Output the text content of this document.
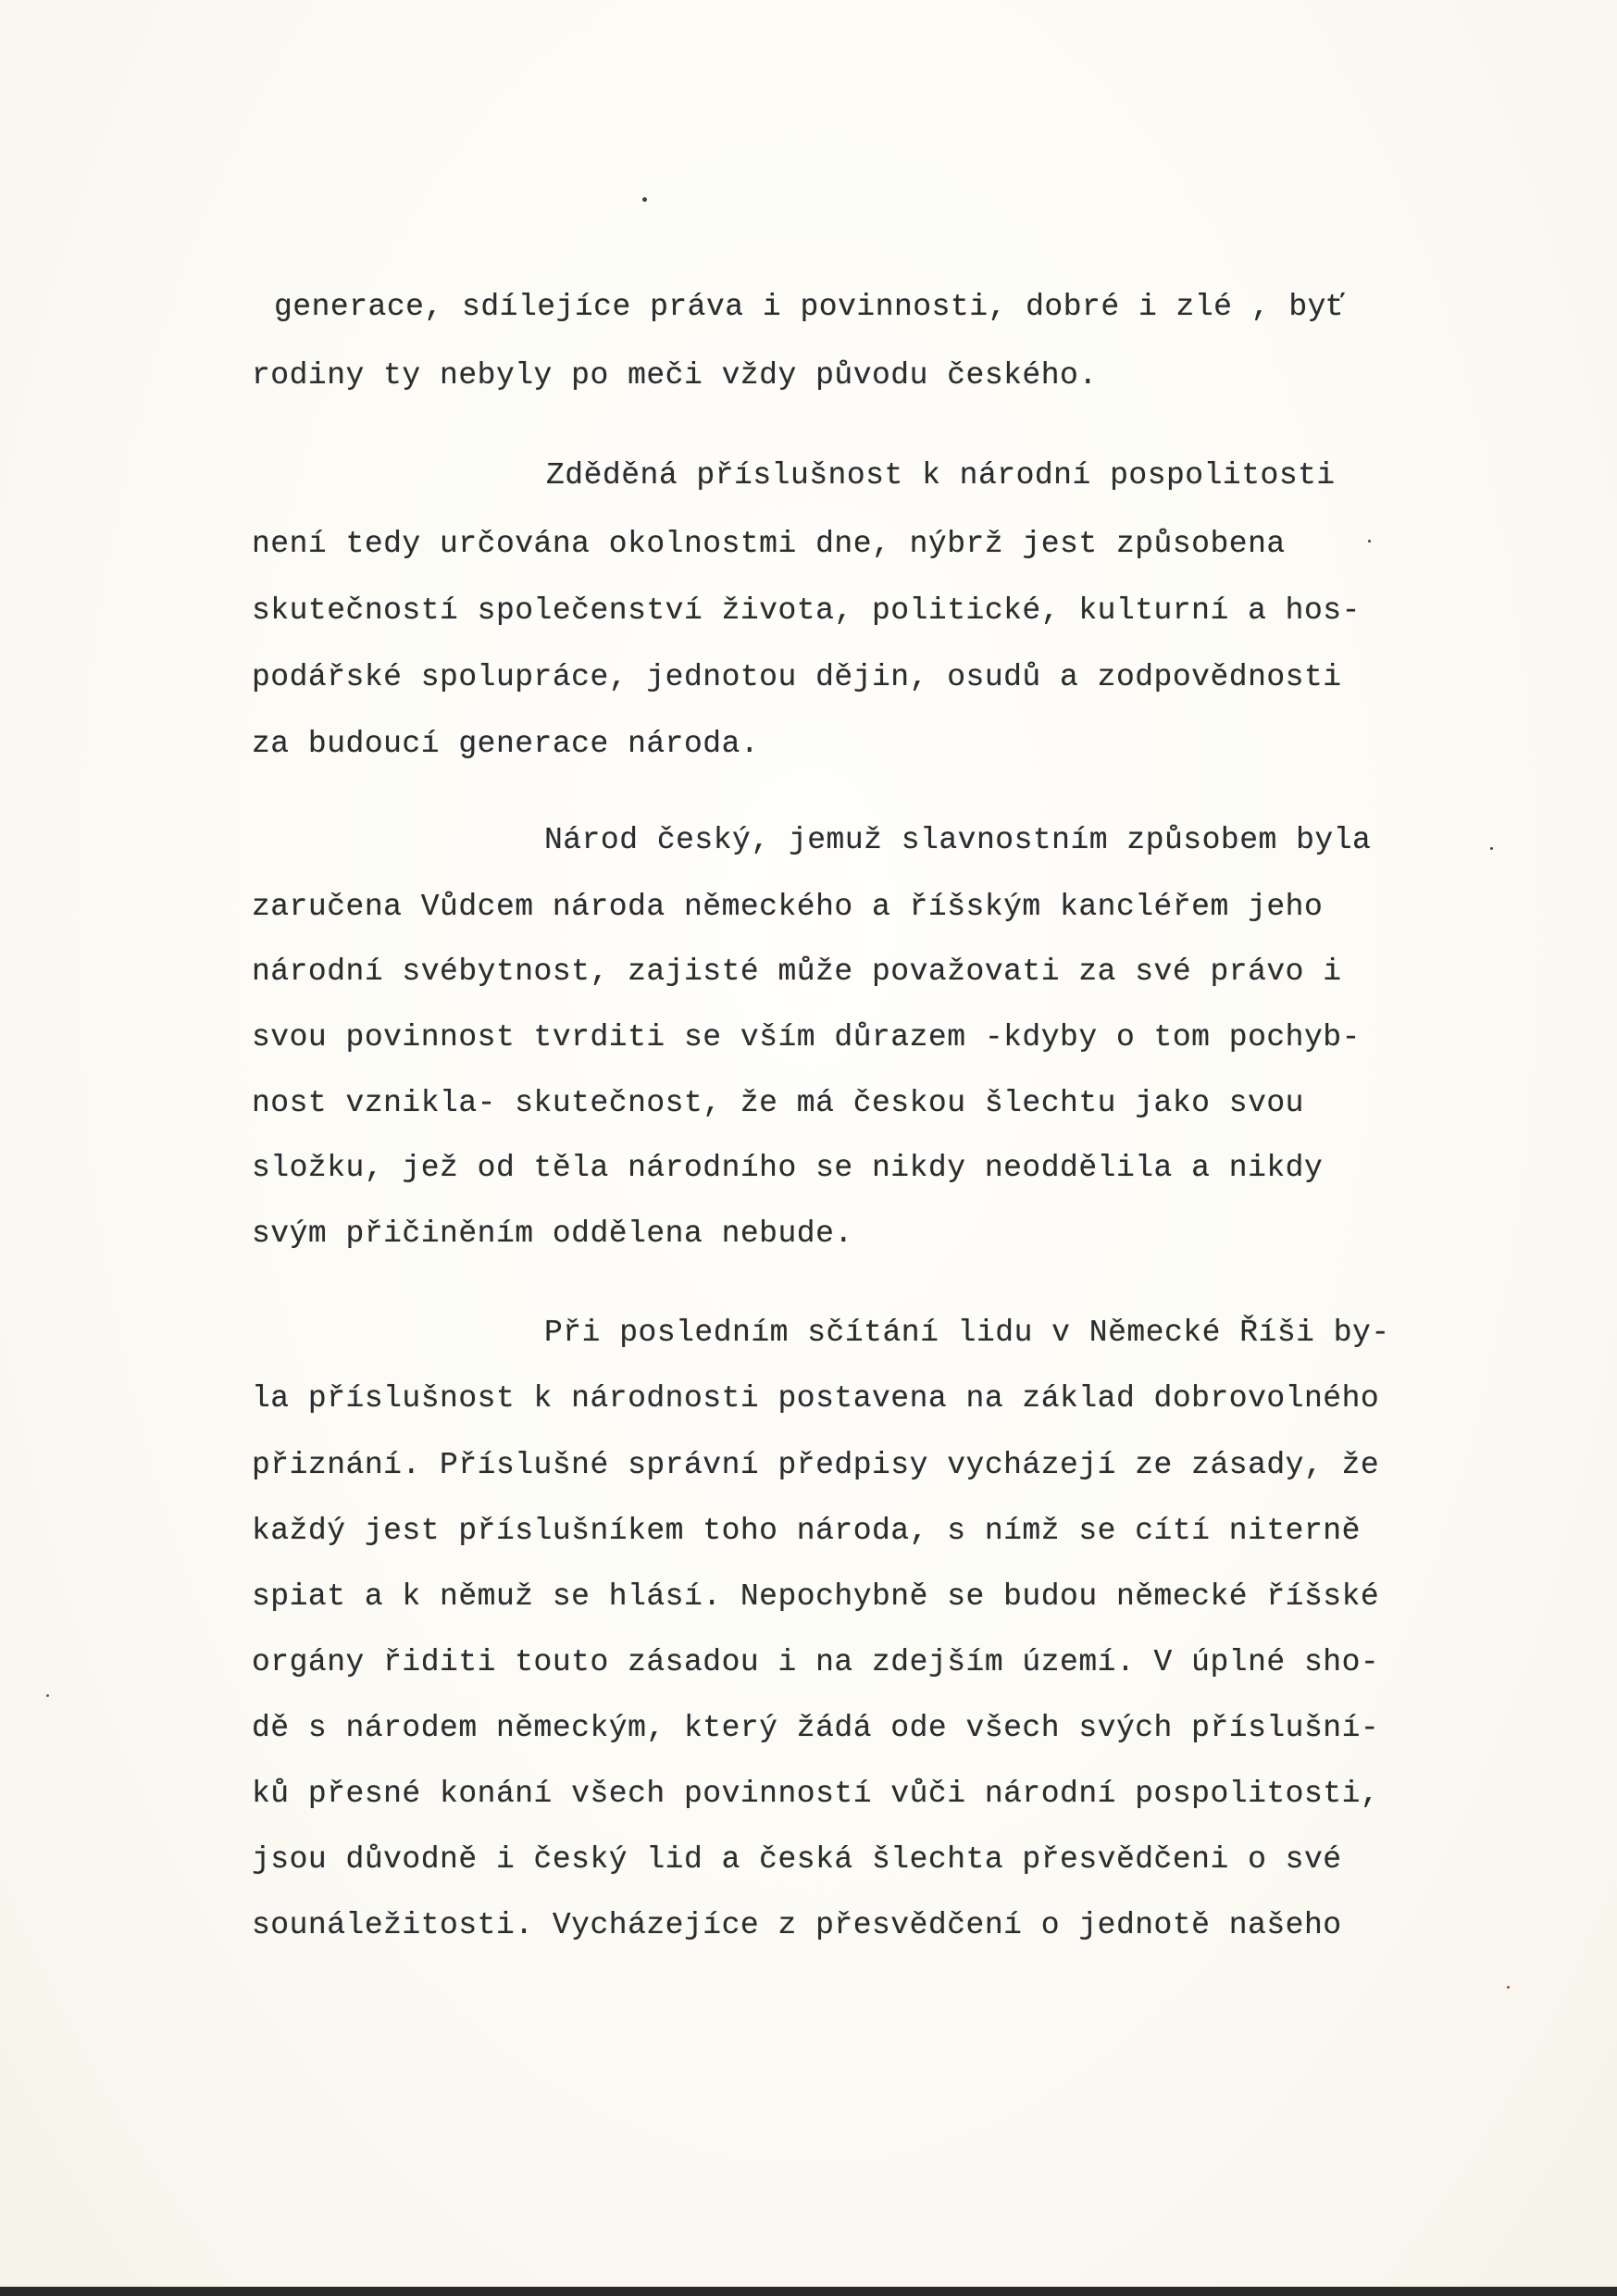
generace, sdílejíce práva i povinnosti, dobré i zlé , byť
rodiny ty nebyly po meči vždy původu českého.
Zděděná příslušnost k národní pospolitosti
není tedy určována okolnostmi dne, nýbrž jest způsobena
skutečností společenství života, politické, kulturní a hos-
podářské spolupráce, jednotou dějin, osudů a zodpovědnosti
za budoucí generace národa.
Národ český, jemuž slavnostním způsobem byla
zaručena Vůdcem národa německého a říšským kancléřem jeho
národní svébytnost, zajisté může považovati za své právo i
svou povinnost tvrditi se vším důrazem -kdyby o tom pochyb-
nost vznikla- skutečnost, že má českou šlechtu jako svou
složku, jež od těla národního se nikdy neoddělila a nikdy
svým přičiněním oddělena nebude.
Při posledním sčítání lidu v Německé Říši by-
la příslušnost k národnosti postavena na základ dobrovolného
přiznání. Příslušné správní předpisy vycházejí ze zásady, že
každý jest příslušníkem toho národa, s nímž se cítí niterně
spiat a k němuž se hlásí. Nepochybně se budou německé říšské
orgány řiditi touto zásadou i na zdejším území. V úplné sho-
dě s národem německým, který žádá ode všech svých příslušní-
ků přesné konání všech povinností vůči národní pospolitosti,
jsou důvodně i český lid a česká šlechta přesvědčeni o své
sounáležitosti. Vycházejíce z přesvědčení o jednotě našeho
